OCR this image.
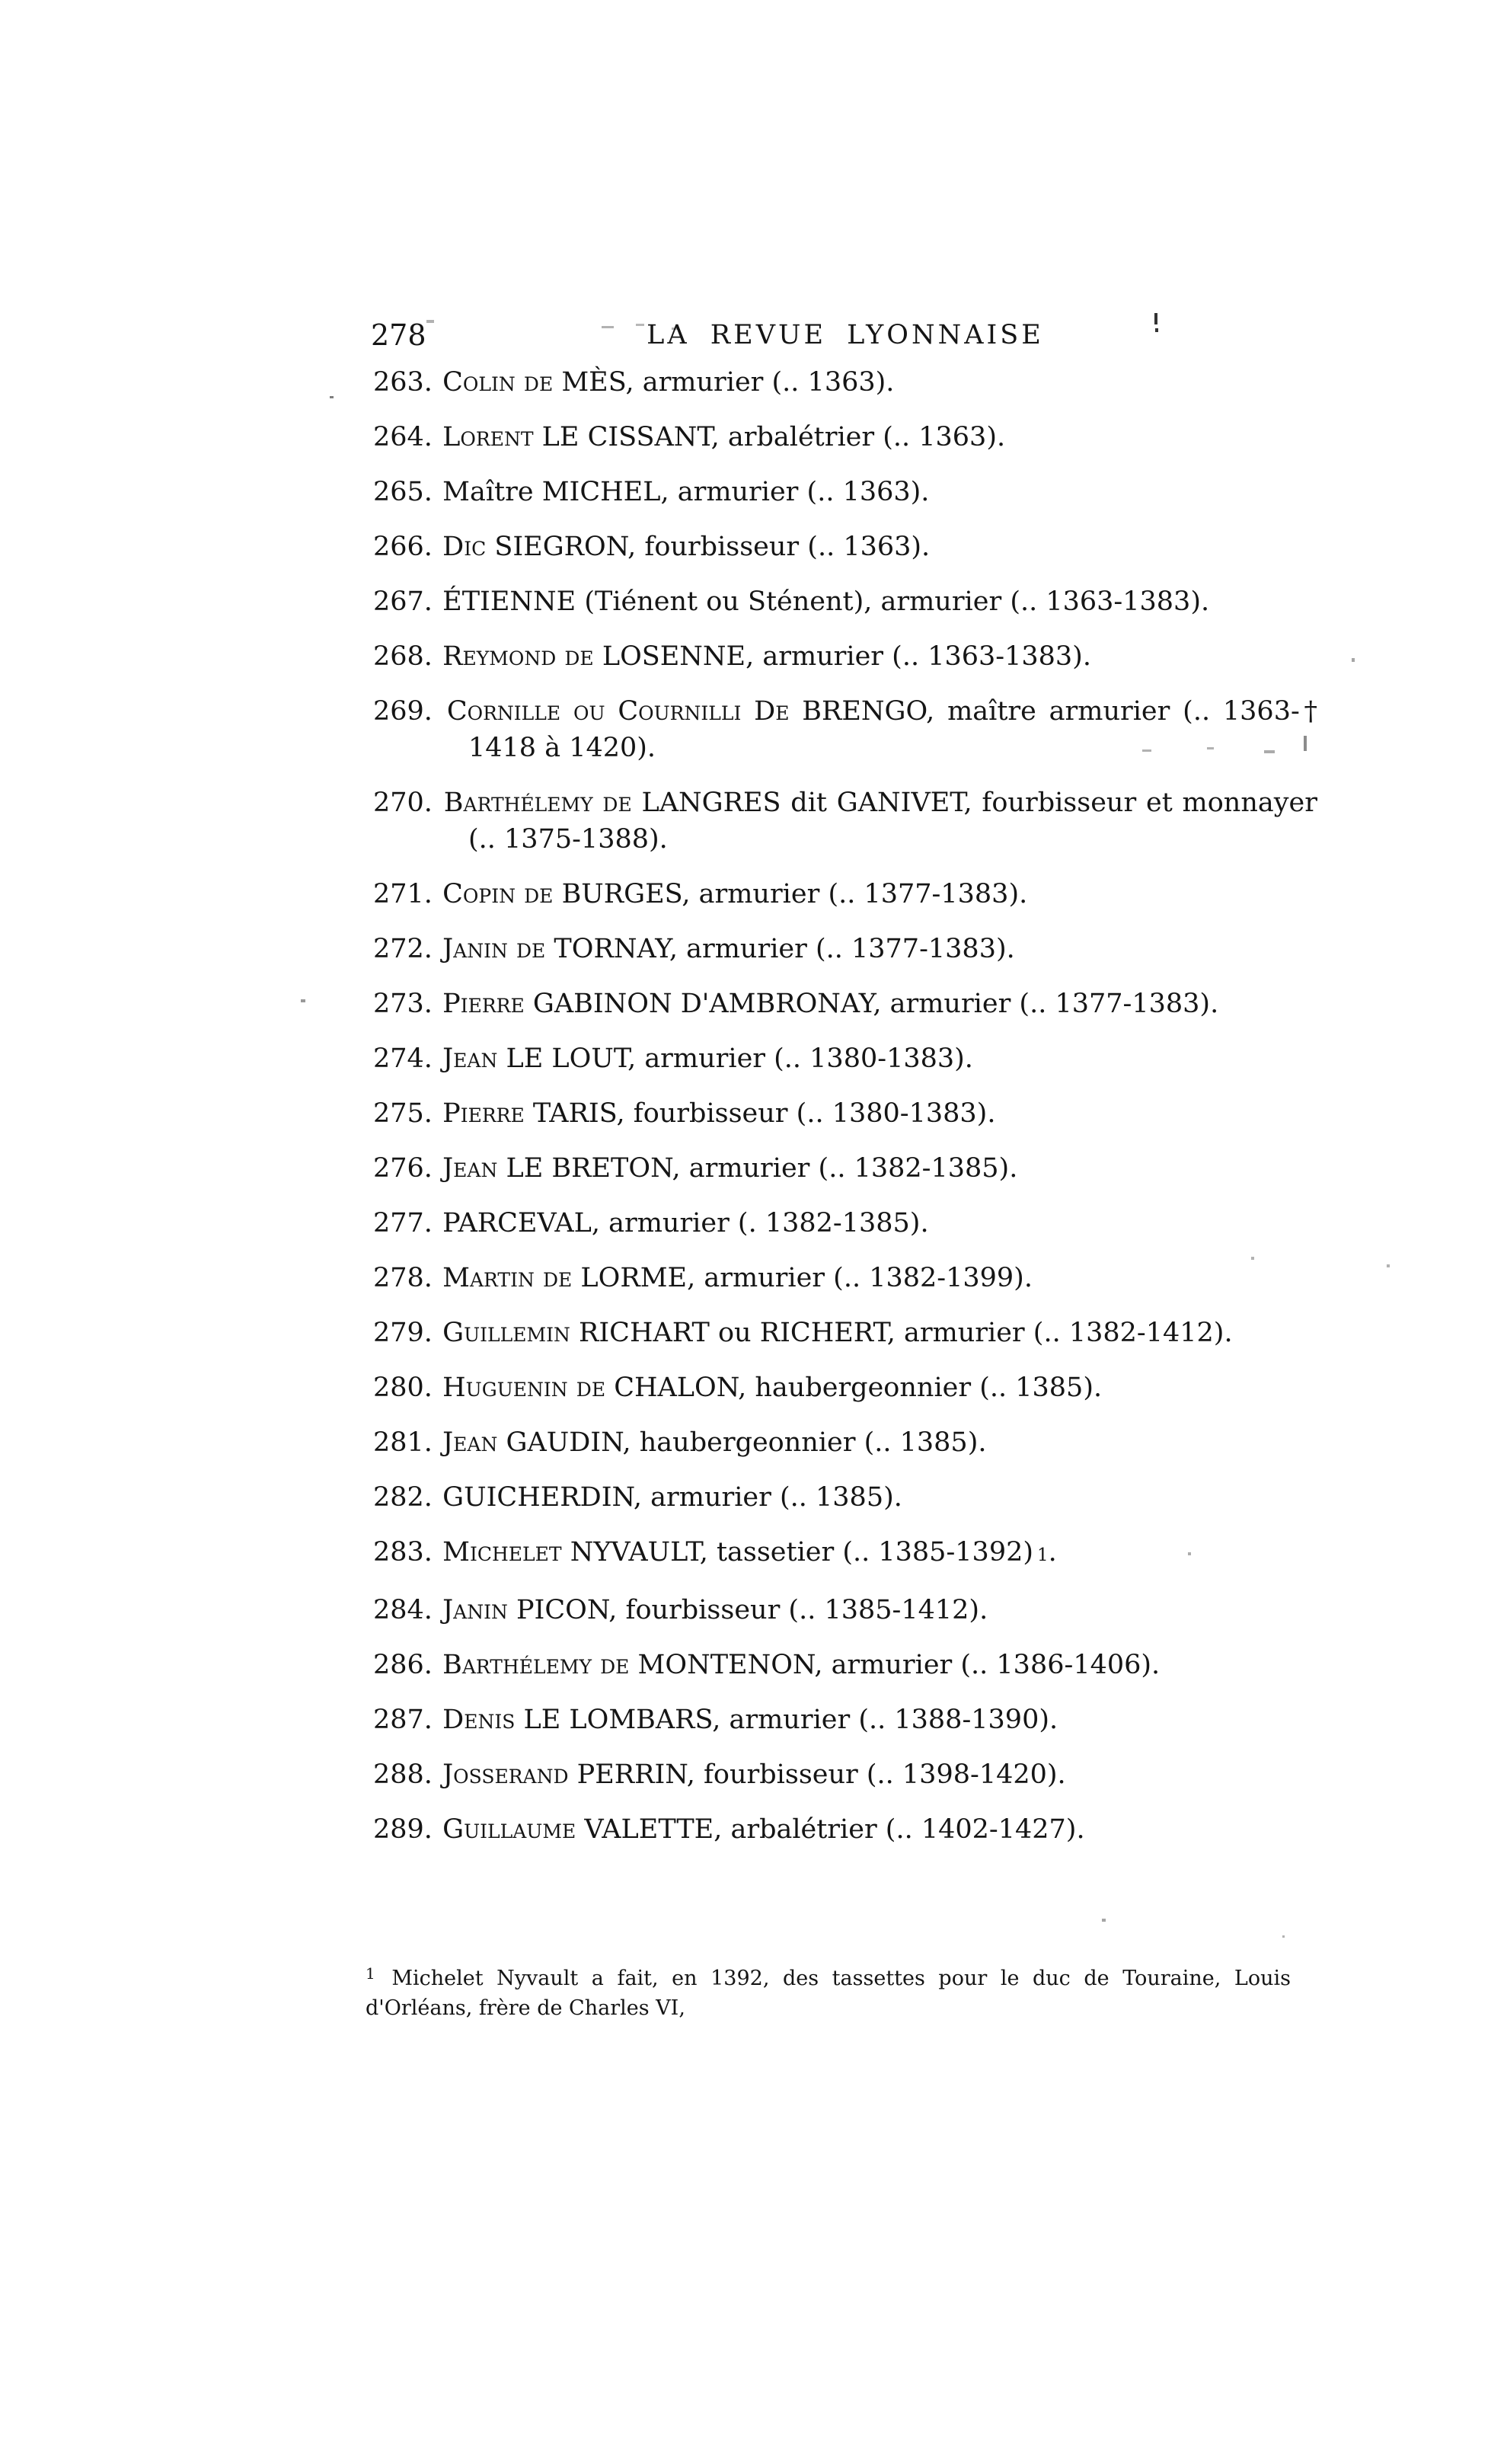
278	LA REVUE LYONNAISE

263. Colin de MÈS, armurier (.. 1363).

264. Lorent LE CISSANT, arbalétrier (.. 1363).

265. Maître MICHEL, armurier (.. 1363).

266. Dic SIEGRON, fourbisseur (.. 1363).

267. ÉTIENNE (Tiénent ou Sténent), armurier (.. 1363-1383).

268. Reymond de LOSENNE, armurier (.. 1363-1383).

269. Cornille ou Cournilli De BRENGO, maître armurier (.. 1363-†

1418 à 1420).

270. Barthélemy de LANGRES dit GANIVET, fourbisseur et monnayer

(.. 1375-1388).

271. Copin de BURGES, armurier (.. 1377-1383).

272. Janin de TORNAY, armurier (.. 1377-1383).

273. Pierre GABINON D'AMBRONAY, armurier (.. 1377-1383).

274. Jean LE LOUT, armurier (.. 1380-1383).

275. Pierre TARIS, fourbisseur (.. 1380-1383).

276. Jean LE BRETON, armurier (.. 1382-1385).

277. PARCEVAL, armurier (. 1382-1385).

278. Martin de LORME, armurier (.. 1382-1399).

279. Guillemin RICHART ou RICHERT, armurier (.. 1382-1412).

280. Huguenin de CHALON, haubergeonnier (.. 1385).

281. Jean GAUDIN, haubergeonnier (.. 1385).

282. GUICHERDIN, armurier (.. 1385).

283. Michelet NYVAULT, tassetier (.. 1385-1392) 1.

284. Janin PICON, fourbisseur (.. 1385-1412).

286. Barthélemy de MONTENON, armurier (.. 1386-1406).

287. Denis LE LOMBARS, armurier (.. 1388-1390).

288. Josserand PERRIN, fourbisseur (.. 1398-1420).

289. Guillaume VALETTE, arbalétrier (.. 1402-1427).

$^1$ Michelet Nyvault a fait, en 1392, des tassettes pour le duc de Touraine, Louis
d'Orléans, frère de Charles VI,
